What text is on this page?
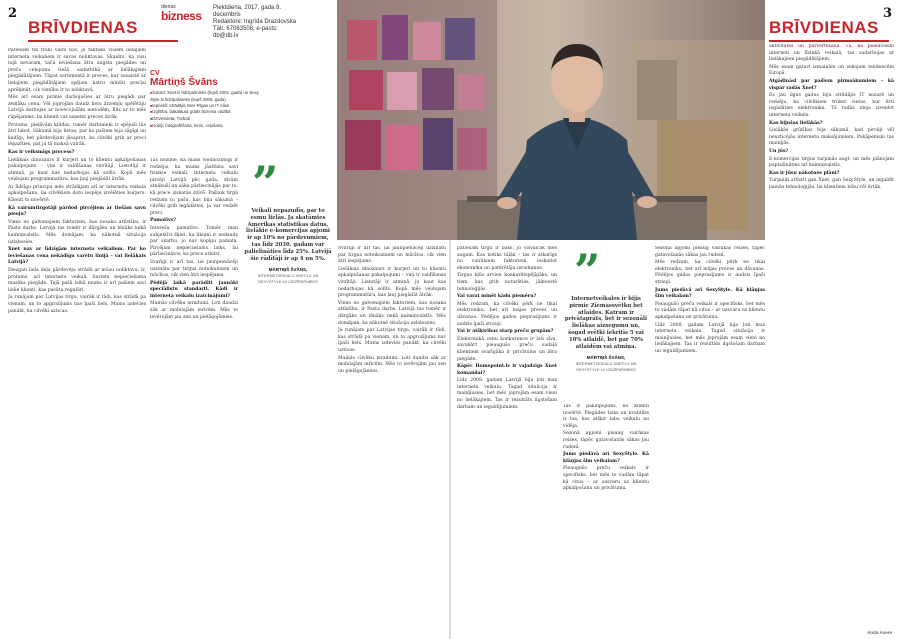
2	Piektdiena, 2017. gada 8. decembris
Redaktore: Ingrīda Drazdovska
Tālr. 67063508, e-pasts: db@db.lv
dienas
bizness
BRĪVDIENAS

Patiešām tik traki vairs nav, jo faktiski visiem lielajiem interneta veikaliem ir savas noliktavas. Skaidrs, ka visu tajā nevaram, taču ieviešana ātra augsta piegādes un preču ceļojumu tiešā sadarbībā ar lielākajiem piegādātājiem. Tāpat sortimentā ir preces, kur sasaistē ar lielajiem piegādātājiem spējam katru minūti precīzi aprēķināt, cik vienību ir to noliktavā.

Mēs arī esam pirmie darbojušies ar ātru piegādi par zemāku cenu. Vēl joprojām daudz lielu ārzemju spēlētāju Latvijā darbojas ar novecojušām metodēm, līdz ar to mēs rūpējamies, lai klienti var saņemt preces ātrāk.

Protams, pieļāvām kļūdas, tomēr darbinieki ir spējuši tās ātri labot. Sākumā bija lietas, par ko pašiem bija sāpīgi un kaitīgi, bet pārdevējam jāsaprot, ka cilvēki grib ar preci iepazīties, pat ja tā maksā vairāk.

Kas ir veiksmīgs process?

Lielākais dinozaurs ir kurjeri un to klientu apkalpošanas pakalpojumi – viņi ir valdīšanas virzītāji. Lietotāji ir atmiņā, ja kaut kas nedarbojas kā solīts. Kopā mēs veidojam programmatūru, kas ļauj piegādāt ātrāk.

Ar līdzīgu principu mēs strādājam arī ar interneta veikala apkalpošanu, lai cilvēkiem dotu iespēju izvēlēties kurjeru. Klienti to novērtē.

Kā vairumtirgotāji pārdod pircējiem ar tiešām savu pieeju?

Viens no galvenajiem faktoriem, kas nosaka attīstību, ir Pasta darbs. Latvijā tas tomēr ir dārgāks un lēnāks nekā kaimiņvalstīs. Mēs domājam, ka nākotnē situācija uzlabosies.

Xnet nav ar līdzīgām interneta veikaliem. Par ko ieviešanas cena nekādīgu varētu līnijā – vai lielākais Latvijā?

Diezgan liela daļa pārdevēju strādā ar mūsu noliktavu. Ir, protams, arī interneta veikali, kuriem nepieciešama mazāka piegāde. Tajā pašā laikā mums ir arī pašiem savi lielie klienti, kas pasūta regulāri.

Ja runājam par Latvijas tirgu, vairāk ir tādi, kas strādā pa vienam, un to apgrozījums nav īpaši liels. Mums izdevies panākt, ka cilvēki uzticas.

CV
Mārtiņš Švāns
■ Šobrīd: Xnet.lv līdzīpašnieks (kopš 2002. gada) un Sexy Style.lv līdzīpašnieks (kopš 2006. gada)
■ Iepriekš: strādājis Inter-Rīgas un IT Alise
■ Izglītība: bakalaura grāds biznesa vadībā
■ Dzīvesvieta: Turbati
■ Hobiji: fotografēšana, tenis, ceļošana

Tas nozīmē, ka mans viennozīmīgi ir redzējis, ka mums jāattīsta savi fiziskie veikali. Interneta veikalu pircēji Latvijā pēc gada, divām atnākuši un sāka pārliecinājās par to, kā prece izskatās dzīvē. Pašlaik tirgū redzam to pašu, kas bija sākumā – cilvēki grib iegādāties, ja var redzēt preci.

Pamatīvs?

Interešu pamatīvs. Tomēr man subjektīvi šķiet, ka likumi ir nedaudz par skarbu, jo nav kopīgu pamata. Pircējam nepieciešams laiks, lai pārliecinātos, ka prece atbilst.

Svarīgi ir arī tas, lai jaunpienācēji uzzinātu par tirgus noteikumiem un mācītos, cik vien ātri iespējams.

Pēdējā laikā parādīti jaunāki speciālistu standarti. Kādi ir interneta veikalu izaicinājumi?

Mainās cilvēku ieradumi. Ļoti daudzi sāk ar mobilajām ierīcēm. Mēs to ievērojām jau sen un pielāgojāmies.

”
Veikali nepazudīs, par to esmu lielās. Ja skatāmies Amerikas statistikas datus, lielākie e-komercijas apjomi ir ap 10% no pārdevumiem, tas līdz 2030. gadam var palielināties līdz 25%. Latvijā šie rādītāji ir ap 4 un 5%.
MĀRTIŅŠ ŠVĀNS,
INTERNETVEIKALU XNET.LV UN SEXYSTYLE.LV LĪDZĪPAŠNIEKS

Svarīgi ir arī tas, lai jaunpienācēji uzzinātu par tirgus noteikumiem un mācītos, cik vien ātri iespējams.

Lielākais dinozaurs ir kurjeri un to klientu apkalpošanas pakalpojumi – viņi ir valdīšanas virzītāji. Lietotāji ir atmiņā, ja kaut kas nedarbojas kā solīts. Kopā mēs veidojam programmatūru, kas ļauj piegādāt ātrāk.

Viens no galvenajiem faktoriem, kas nosaka attīstību, ir Pasta darbs. Latvijā tas tomēr ir dārgāks un lēnāks nekā kaimiņvalstīs. Mēs domājam, ka nākotnē situācija uzlabosies.

Ja runājam par Latvijas tirgu, vairāk ir tādi, kas strādā pa vienam, un to apgrozījums nav īpaši liels. Mums izdevies panākt, ka cilvēki uzticas.

Mainās cilvēku ieradumi. Ļoti daudzi sāk ar mobilajām ierīcēm. Mēs to ievērojām jau sen un pielāgojāmies.

3
BRĪVDIENAS

patiešām tirgū ir laiks, jo visvairāk mēs augam. Kas notiks tālāk – tas ir atkarīgs no vairākiem faktoriem, ieskaitot ekonomiku un patērētāju ieradumus.

Tirgus kļūs arvien konkurētspējīgāks, un tiem, kas grib noturēties, jāinvestē tehnoloģijās.

Vai varat minēt kādu piemēru?

Mēs redzam, ka cilvēki pērk ne tikai elektroniku, bet arī mājas preces un dāvanas. Pēdējos gados pieprasījums ir audzis īpaši strauji.

Vai ir atšķirības starp preču grupām?

Elektronikā cenu konkurence ir ļoti sīva, savukārt pieaugušo preču sadaļā klientiem svarīgāka ir privātums un ātra piegāde.

Kāpēc Homepoint.lv ir vajadzīgs Xnet komandai?

Līdz 2008. gadam Latvijā bija ļoti maz interneta veikalu. Tagad situācija ir mainījusies, bet mēs joprojām esam vieni no lielākajiem. Tas ir rezultāts ilgstošam darbam un ieguldījumiem.

”
Internetveikalos ir bijis pirmie Ziemassvētku bet atlaides. Katram ir privātaprāts, bet ir sezonāli lielākas aizsegumu un, šogad svētki iekritīs 5 vai 10% atlaidē, bet par 70% atlaidēm vai atmiņa.
MĀRTIŅŠ ŠVĀNS,
INTERNETVEIKALU XNET.LV UN SEXYSTYLE.LV LĪDZĪPAŠNIEKS

Tas ir pakalpojums, ko klienti novērtē. Piegādes laiks un kvalitāte ir tas, kas atšķir labu veikalu no vidēja.

Sezonā apjomi pieaug vairākas reizes, tāpēc gatavošanās sākas jau rudenī.

Jums piedāvā arī SexyStyle. Kā klāņjas šim veikalam?

Pieaugušo preču veikals ir specifisks, bet mēs to vadām tāpat kā citus – ar uzsvaru uz klientu apkalpošanu un privātumu.

Sezonā apjomi pieaug vairākas reizes, tāpēc gatavošanās sākas jau rudenī.

Mēs redzam, ka cilvēki pērk ne tikai elektroniku, bet arī mājas preces un dāvanas. Pēdējos gados pieprasījums ir audzis īpaši strauji.

Jums piedāvā arī SexyStyle. Kā klāņjas šim veikalam?

Pieaugušo preču veikals ir specifisks, bet mēs to vadām tāpat kā citus – ar uzsvaru uz klientu apkalpošanu un privātumu.

Līdz 2008. gadam Latvijā bija ļoti maz interneta veikalu. Tagad situācija ir mainījusies, bet mēs joprojām esam vieni no lielākajiem. Tas ir rezultāts ilgstošam darbam un ieguldījumiem.

aktivitātes un pārvērtēšana. Tā, kā piedāvāsim interneti un līzinkā veikalā, tas sadarbojas ar lielākajiem piegādātājiem.

Mēs esam gatavi izmaiņām un sekojam tendencēm Eiropā.

Atgādināsi par pašiem pirmsākumiem – kā vispār radās Xnet?

Es jau ilgus gadus biju strādājis IT nozarē un redzēju, ka cilvēkiem trūkst vietas, kur ērti iegādāties elektroniku. Tā radās ideja izveidot interneta veikalu.

Kas bijušas lielākās?

Lielākās grūtības bija sākumā, kad pircēji vēl neuzticējās interneta maksājumiem. Pakāpeniski tas mainījās.

Un jūs?

E-komercijas tirgus turpinās augt, un mēs plānojam paplašināties arī kaimiņvalstīs.

Kas ir jūsu nākotnes plāni?

Turpināt attīstīt gan Xnet, gan SexyStyle, un ieguldīt jaunās tehnoloģijās, lai klientiem būtu vēl ērtāk.

Anda Asere
